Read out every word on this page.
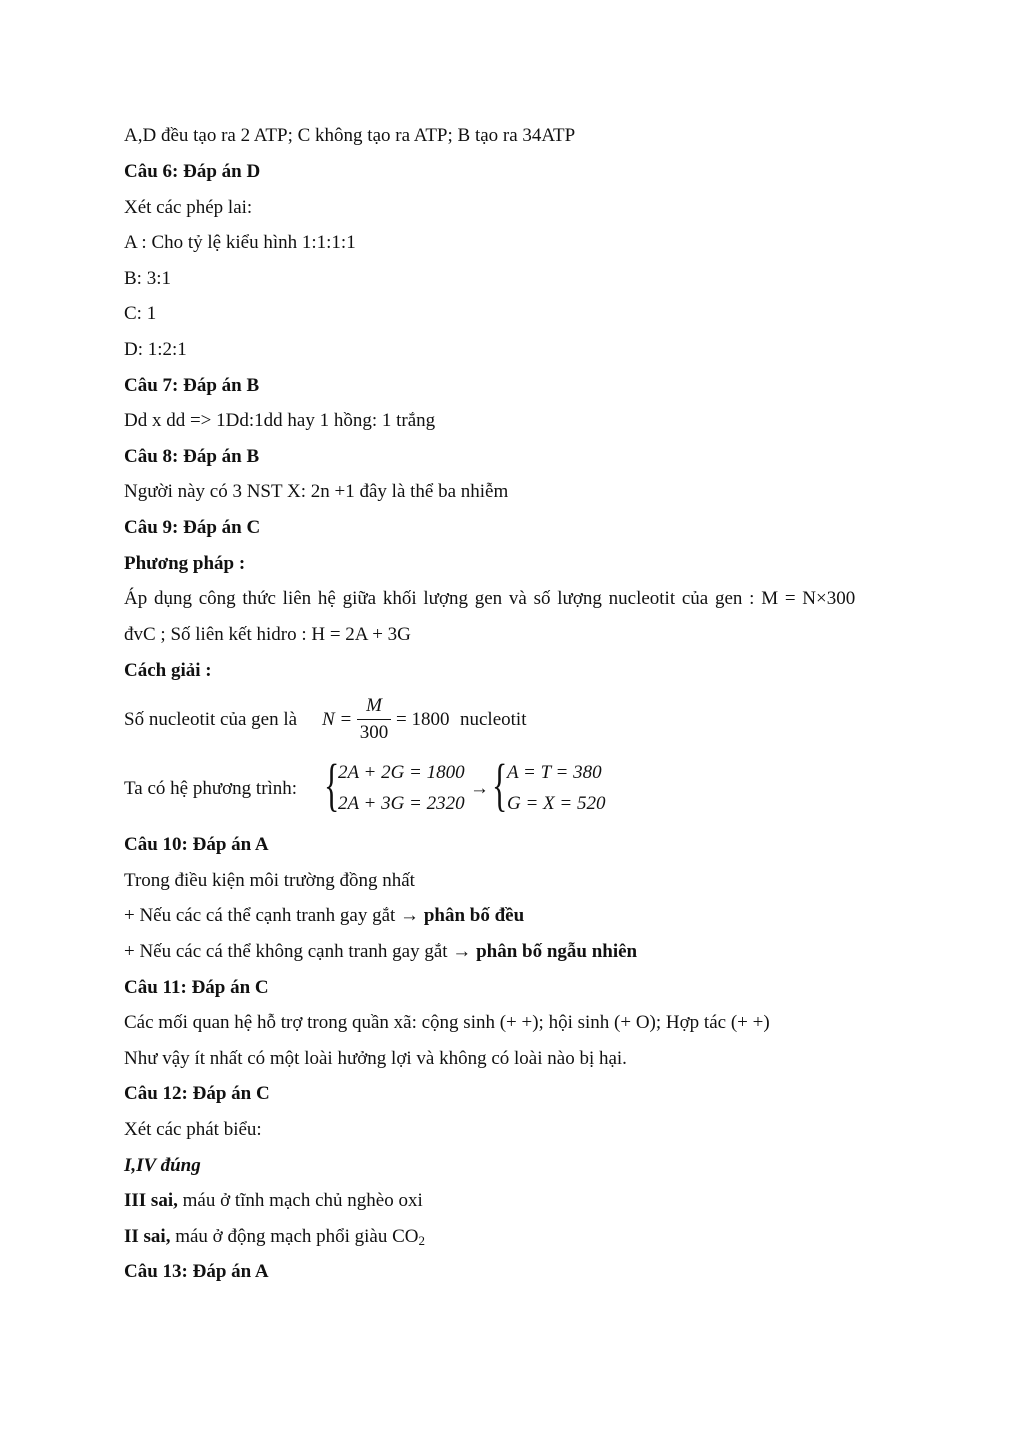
A,D đều tạo ra 2 ATP; C không tạo ra ATP; B tạo ra 34ATP
Câu 6: Đáp án D
Xét các phép lai:
A : Cho tỷ lệ kiểu hình 1:1:1:1
B: 3:1
C: 1
D: 1:2:1
Câu 7: Đáp án B
Dd x dd => 1Dd:1dd hay 1 hồng: 1 trắng
Câu 8: Đáp án B
Người này có 3 NST X: 2n +1 đây là thể ba nhiễm
Câu 9: Đáp án C
Phương pháp :
Áp dụng công thức liên hệ giữa khối lượng gen và số lượng nucleotit của gen : M = N×300
đvC ; Số liên kết hidro : H = 2A + 3G
Cách giải :
Số nucleotit của gen là N =
M
300
= 1800 nucleotit
Ta có hệ phương trình: {
2A + 2G = 1800
2A + 3G = 2320
→ { A = T = 380
G = X = 520
Câu 10: Đáp án A
Trong điều kiện môi trường đồng nhất
+ Nếu các cá thể cạnh tranh gay gắt → phân bố đều
+ Nếu các cá thể không cạnh tranh gay gắt → phân bố ngẫu nhiên
Câu 11: Đáp án C
Các mối quan hệ hỗ trợ trong quần xã: cộng sinh (+ +); hội sinh (+ O); Hợp tác (+ +)
Như vậy ít nhất có một loài hưởng lợi và không có loài nào bị hại.
Câu 12: Đáp án C
Xét các phát biểu:
I,IV đúng
III sai, máu ở tĩnh mạch chủ nghèo oxi
II sai, máu ở động mạch phổi giàu $CO_2$
Câu 13: Đáp án A
